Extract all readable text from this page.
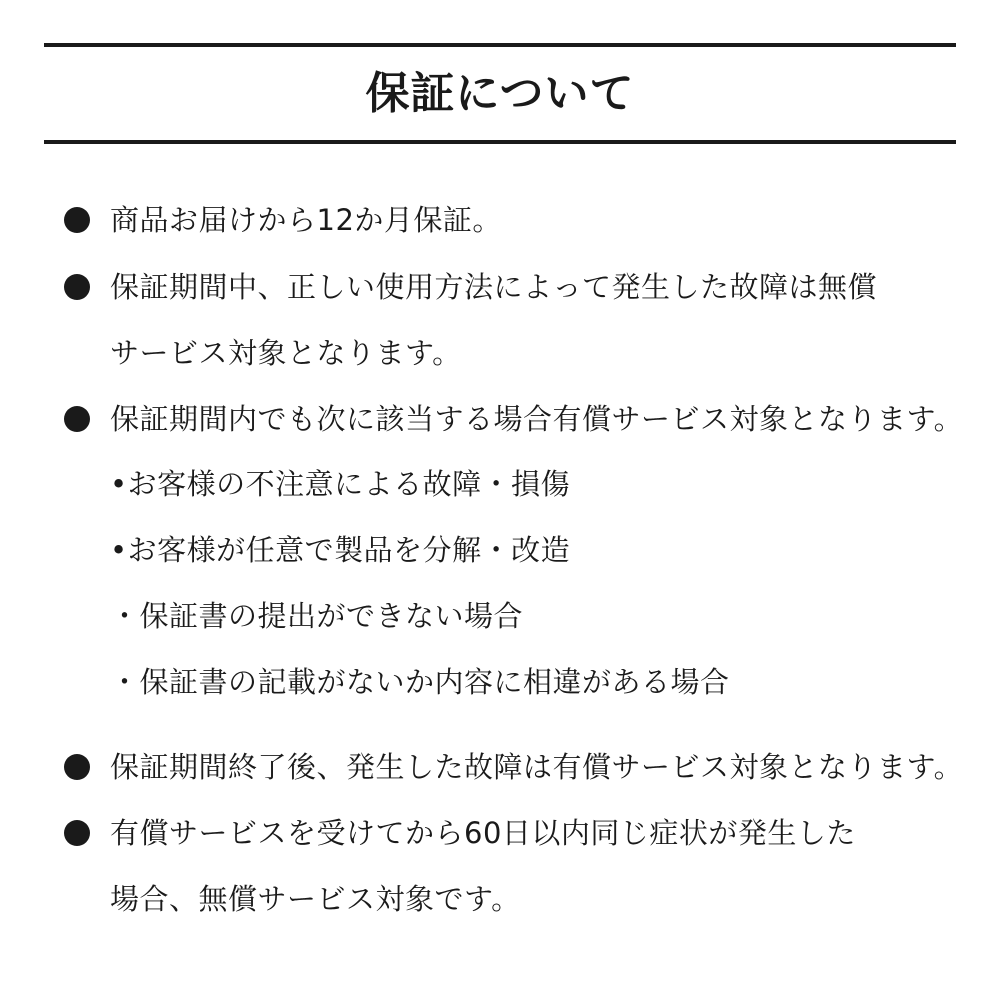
保証について
商品お届けから12か月保証。
保証期間中、正しい使用方法によって発生した故障は無償
サービス対象となります。
保証期間内でも次に該当する場合有償サービス対象となります。
•お客様の不注意による故障・損傷
•お客様が任意で製品を分解・改造
・保証書の提出ができない場合
・保証書の記載がないか内容に相違がある場合
保証期間終了後、発生した故障は有償サービス対象となります。
有償サービスを受けてから60日以内同じ症状が発生した
場合、無償サービス対象です。
